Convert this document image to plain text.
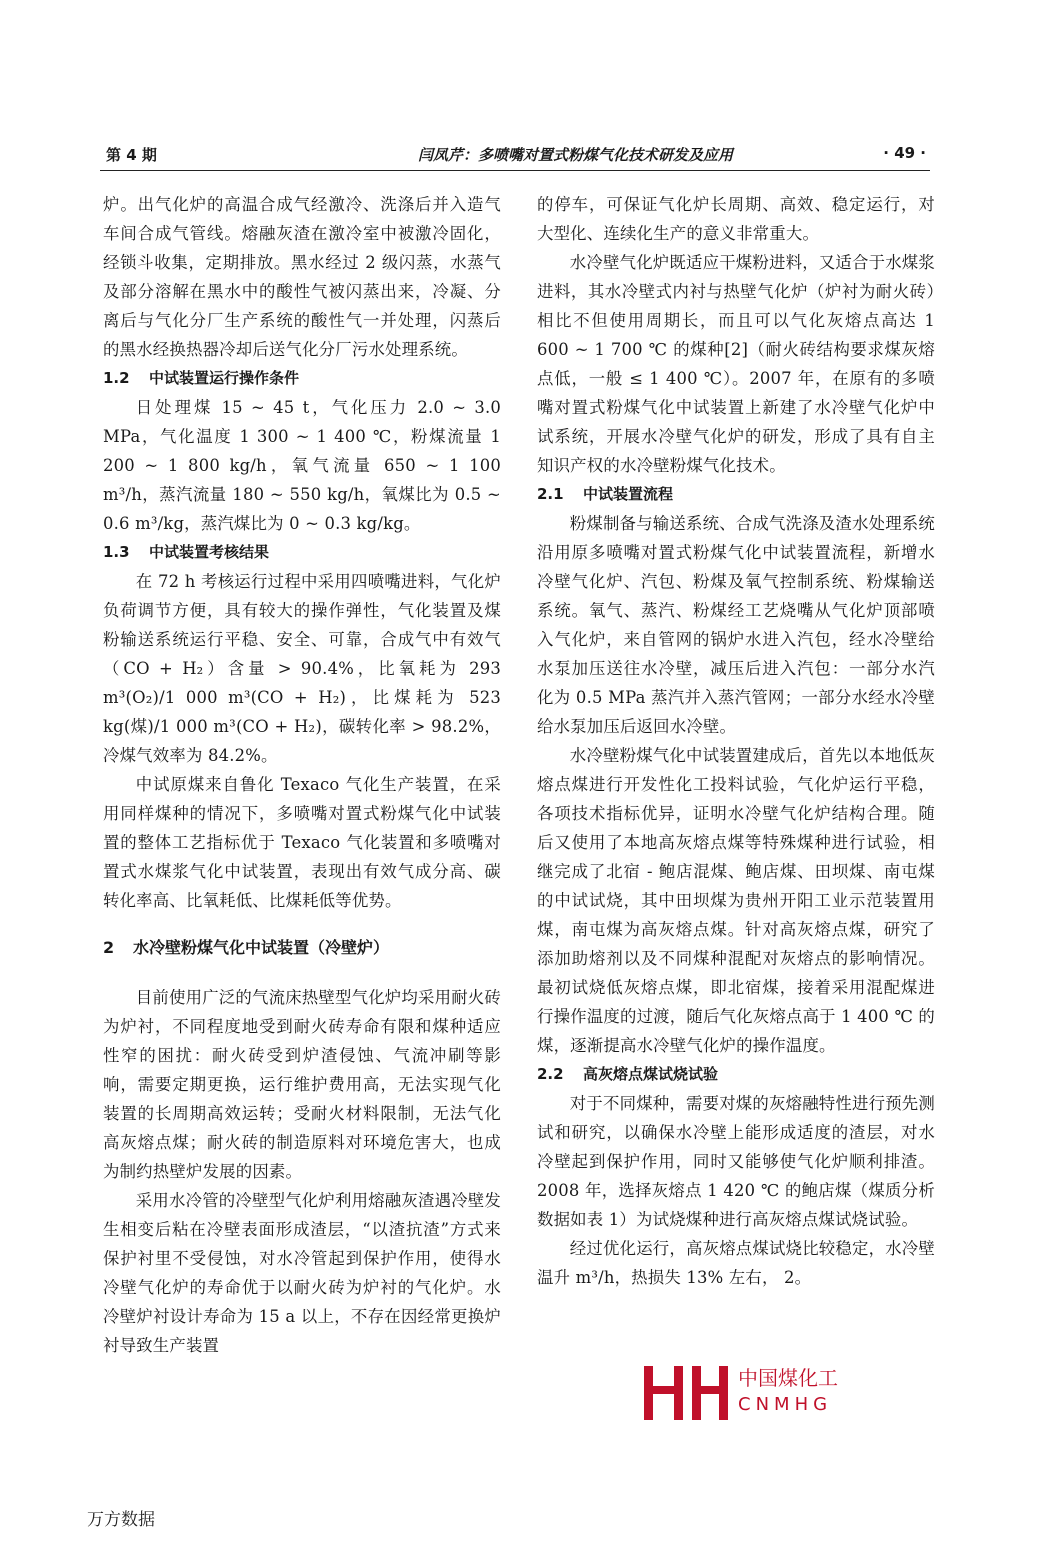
第 4 期	闫凤芹：多喷嘴对置式粉煤气化技术研发及应用	· 49 ·

炉。出气化炉的高温合成气经激冷、洗涤后并入造气车间合成气管线。熔融灰渣在激冷室中被激冷固化，经锁斗收集，定期排放。黑水经过 2 级闪蒸，水蒸气及部分溶解在黑水中的酸性气被闪蒸出来，冷凝、分离后与气化分厂生产系统的酸性气一并处理，闪蒸后的黑水经换热器冷却后送气化分厂污水处理系统。

1.2 中试装置运行操作条件

日处理煤 15 ~ 45 t，气化压力 2.0 ~ 3.0 MPa，气化温度 1 300 ~ 1 400 ℃，粉煤流量 1 200 ~ 1 800 kg/h，氧气流量 650 ~ 1 100 m³/h，蒸汽流量 180 ~ 550 kg/h，氧煤比为 0.5 ~ 0.6 m³/kg，蒸汽煤比为 0 ~ 0.3 kg/kg。

1.3 中试装置考核结果

在 72 h 考核运行过程中采用四喷嘴进料，气化炉负荷调节方便，具有较大的操作弹性，气化装置及煤粉输送系统运行平稳、安全、可靠，合成气中有效气（CO + H₂）含量 > 90.4%，比氧耗为 293 m³(O₂)/1 000 m³(CO + H₂)，比煤耗为 523 kg(煤)/1 000 m³(CO + H₂)，碳转化率 > 98.2%，冷煤气效率为 84.2%。

中试原煤来自鲁化 Texaco 气化生产装置，在采用同样煤种的情况下，多喷嘴对置式粉煤气化中试装置的整体工艺指标优于 Texaco 气化装置和多喷嘴对置式水煤浆气化中试装置，表现出有效气成分高、碳转化率高、比氧耗低、比煤耗低等优势。

2 水冷壁粉煤气化中试装置（冷壁炉）

目前使用广泛的气流床热壁型气化炉均采用耐火砖为炉衬，不同程度地受到耐火砖寿命有限和煤种适应性窄的困扰：耐火砖受到炉渣侵蚀、气流冲刷等影响，需要定期更换，运行维护费用高，无法实现气化装置的长周期高效运转；受耐火材料限制，无法气化高灰熔点煤；耐火砖的制造原料对环境危害大，也成为制约热壁炉发展的因素。

采用水冷管的冷壁型气化炉利用熔融灰渣遇冷壁发生相变后粘在冷壁表面形成渣层，“以渣抗渣”方式来保护衬里不受侵蚀，对水冷管起到保护作用，使得水冷壁气化炉的寿命优于以耐火砖为炉衬的气化炉。水冷壁炉衬设计寿命为 15 a 以上，不存在因经常更换炉衬导致生产装置

的停车，可保证气化炉长周期、高效、稳定运行，对大型化、连续化生产的意义非常重大。

水冷壁气化炉既适应干煤粉进料，又适合于水煤浆进料，其水冷壁式内衬与热壁气化炉（炉衬为耐火砖）相比不但使用周期长，而且可以气化灰熔点高达 1 600 ~ 1 700 ℃ 的煤种[2]（耐火砖结构要求煤灰熔点低，一般 ≤ 1 400 ℃）。2007 年，在原有的多喷嘴对置式粉煤气化中试装置上新建了水冷壁气化炉中试系统，开展水冷壁气化炉的研发，形成了具有自主知识产权的水冷壁粉煤气化技术。

2.1 中试装置流程

粉煤制备与输送系统、合成气洗涤及渣水处理系统沿用原多喷嘴对置式粉煤气化中试装置流程，新增水冷壁气化炉、汽包、粉煤及氧气控制系统、粉煤输送系统。氧气、蒸汽、粉煤经工艺烧嘴从气化炉顶部喷入气化炉，来自管网的锅炉水进入汽包，经水冷壁给水泵加压送往水冷壁，减压后进入汽包：一部分水汽化为 0.5 MPa 蒸汽并入蒸汽管网；一部分水经水冷壁给水泵加压后返回水冷壁。

水冷壁粉煤气化中试装置建成后，首先以本地低灰熔点煤进行开发性化工投料试验，气化炉运行平稳，各项技术指标优异，证明水冷壁气化炉结构合理。随后又使用了本地高灰熔点煤等特殊煤种进行试验，相继完成了北宿 - 鲍店混煤、鲍店煤、田坝煤、南屯煤的中试试烧，其中田坝煤为贵州开阳工业示范装置用煤，南屯煤为高灰熔点煤。针对高灰熔点煤，研究了添加助熔剂以及不同煤种混配对灰熔点的影响情况。最初试烧低灰熔点煤，即北宿煤，接着采用混配煤进行操作温度的过渡，随后气化灰熔点高于 1 400 ℃ 的煤，逐渐提高水冷壁气化炉的操作温度。

2.2 高灰熔点煤试烧试验

对于不同煤种，需要对煤的灰熔融特性进行预先测试和研究，以确保水冷壁上能形成适度的渣层，对水冷壁起到保护作用，同时又能够使气化炉顺利排渣。2008 年，选择灰熔点 1 420 ℃ 的鲍店煤（煤质分析数据如表 1）为试烧煤种进行高灰熔点煤试烧试验。

经过优化运行，高灰熔点煤试烧比较稳定，水冷壁温升 m³/h，热损失 13% 左右， 2。

中国煤化工
CNMHG
万方数据
